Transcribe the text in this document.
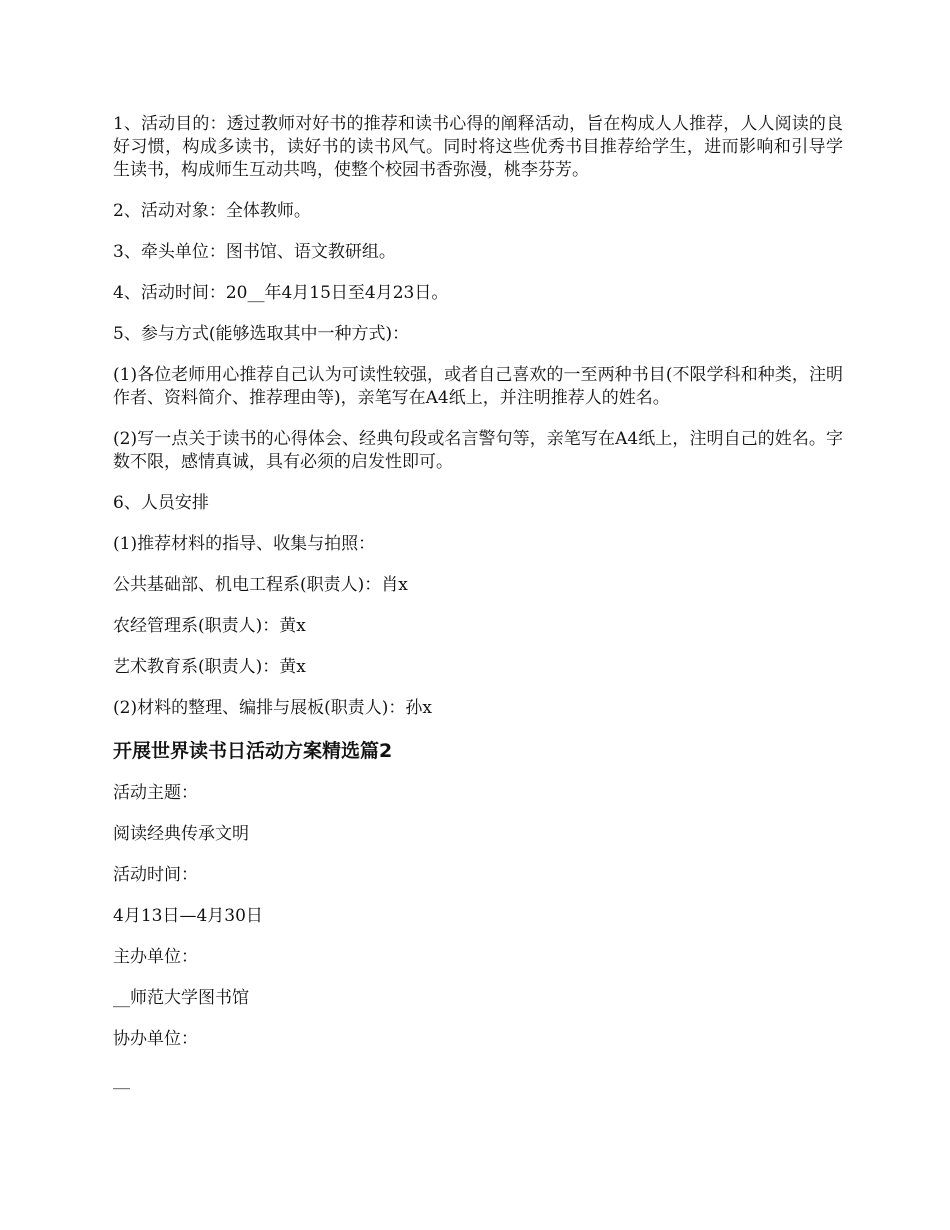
1、活动目的：透过教师对好书的推荐和读书心得的阐释活动，旨在构成人人推荐，人人阅读的良好习惯，构成多读书，读好书的读书风气。同时将这些优秀书目推荐给学生，进而影响和引导学生读书，构成师生互动共鸣，使整个校园书香弥漫，桃李芬芳。

2、活动对象：全体教师。

3、牵头单位：图书馆、语文教研组。

4、活动时间：20__年4月15日至4月23日。

5、参与方式(能够选取其中一种方式)：

(1)各位老师用心推荐自己认为可读性较强，或者自己喜欢的一至两种书目(不限学科和种类，注明作者、资料简介、推荐理由等)，亲笔写在A4纸上，并注明推荐人的姓名。

(2)写一点关于读书的心得体会、经典句段或名言警句等，亲笔写在A4纸上，注明自己的姓名。字数不限，感情真诚，具有必须的启发性即可。

6、人员安排

(1)推荐材料的指导、收集与拍照：

公共基础部、机电工程系(职责人)：肖x

农经管理系(职责人)：黄x

艺术教育系(职责人)：黄x

(2)材料的整理、编排与展板(职责人)：孙x

开展世界读书日活动方案精选篇2

活动主题：

阅读经典传承文明

活动时间：

4月13日—4月30日

主办单位：

__师范大学图书馆

协办单位：

__
